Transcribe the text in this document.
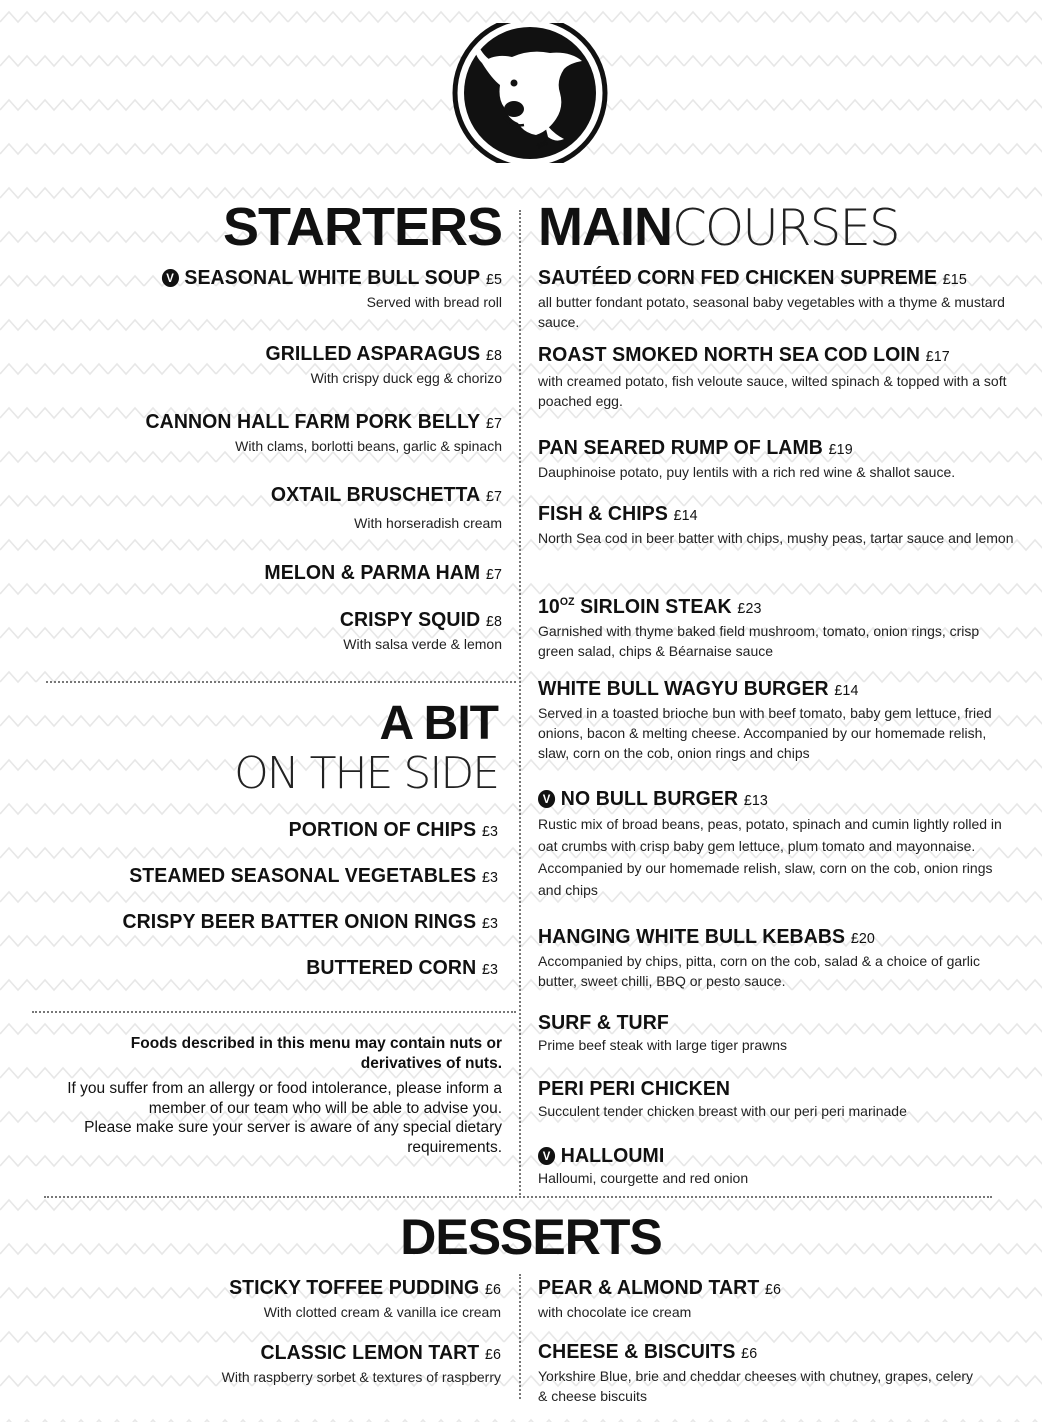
305
STARTERS
V SEASONAL WHITE BULL SOUP £5
Served with bread roll
GRILLED ASPARAGUS £8
With crispy duck egg & chorizo
CANNON HALL FARM PORK BELLY £7
With clams, borlotti beans, garlic & spinach
OXTAIL BRUSCHETTA £7
With horseradish cream
MELON & PARMA HAM £7
CRISPY SQUID £8
With salsa verde & lemon
A BIT
ON THE SIDE
PORTION OF CHIPS £3
STEAMED SEASONAL VEGETABLES £3
CRISPY BEER BATTER ONION RINGS £3
BUTTERED CORN £3

Foods described in this menu may contain nuts or derivatives of nuts.

If you suffer from an allergy or food intolerance, please inform a member of our team who will be able to advise you.

Please make sure your server is aware of any special dietary requirements.

MAINCOURSES
SAUTÉED CORN FED CHICKEN SUPREME £15
all butter fondant potato, seasonal baby vegetables with a thyme & mustard sauce.
ROAST SMOKED NORTH SEA COD LOIN £17
with creamed potato, fish veloute sauce, wilted spinach & topped with a soft poached egg.
PAN SEARED RUMP OF LAMB £19
Dauphinoise potato, puy lentils with a rich red wine & shallot sauce.
FISH & CHIPS £14
North Sea cod in beer batter with chips, mushy peas, tartar sauce and lemon
$10^{OZ}$ SIRLOIN STEAK £23
Garnished with thyme baked field mushroom, tomato, onion rings, crisp green salad, chips & Béarnaise sauce
WHITE BULL WAGYU BURGER £14
Served in a toasted brioche bun with beef tomato, baby gem lettuce, fried onions, bacon & melting cheese. Accompanied by our homemade relish, slaw, corn on the cob, onion rings and chips
V NO BULL BURGER £13
Rustic mix of broad beans, peas, potato, spinach and cumin lightly rolled in oat crumbs with crisp baby gem lettuce, plum tomato and mayonnaise. Accompanied by our homemade relish, slaw, corn on the cob, onion rings and chips
HANGING WHITE BULL KEBABS £20
Accompanied by chips, pitta, corn on the cob, salad & a choice of garlic butter, sweet chilli, BBQ or pesto sauce.
SURF & TURF
Prime beef steak with large tiger prawns
PERI PERI CHICKEN
Succulent tender chicken breast with our peri peri marinade
V HALLOUMI
Halloumi, courgette and red onion
DESSERTS
STICKY TOFFEE PUDDING £6
With clotted cream & vanilla ice cream
CLASSIC LEMON TART £6
With raspberry sorbet & textures of raspberry
PEAR & ALMOND TART £6
with chocolate ice cream
CHEESE & BISCUITS £6
Yorkshire Blue, brie and cheddar cheeses with chutney, grapes, celery & cheese biscuits
